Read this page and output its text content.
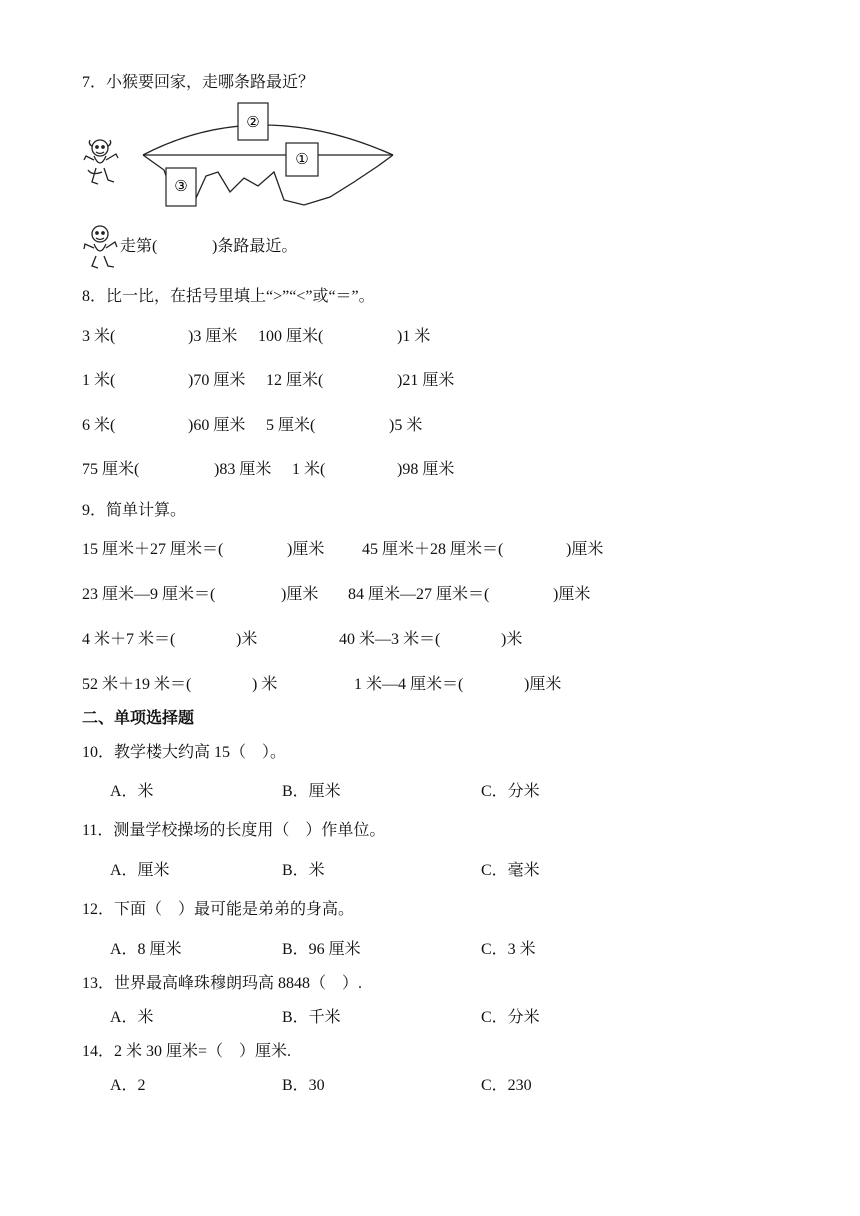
7．小猴要回家，走哪条路最近？
②
①
③
走第(	)条路最近。
8．比一比，在括号里填上“>”“<”或“＝”。
3 米(	)3 厘米 100 厘米(	)1 米
1 米(	)70 厘米 12 厘米(	)21 厘米
6 米(	)60 厘米 5 厘米(	)5 米
75 厘米(	)83 厘米 1 米(	)98 厘米
9．简单计算。
15 厘米＋27 厘米＝(	)厘米 45 厘米＋28 厘米＝(	)厘米
23 厘米—9 厘米＝(	)厘米 84 厘米—27 厘米＝(	)厘米
4 米＋7 米＝(	)米	40 米—3 米＝(	)米
52 米＋19 米＝(	) 米	1 米—4 厘米＝(	)厘米
二、单项选择题
10．教学楼大约高 15（　）。
A．米	B．厘米	C．分米
11．测量学校操场的长度用（　）作单位。
A．厘米	B．米	C．毫米
12．下面（　）最可能是弟弟的身高。
A．8 厘米	B．96 厘米	C．3 米
13．世界最高峰珠穆朗玛高 8848（　）.
A．米	B．千米	C．分米
14．2 米 30 厘米=（　）厘米.
A．2	B．30	C．230
